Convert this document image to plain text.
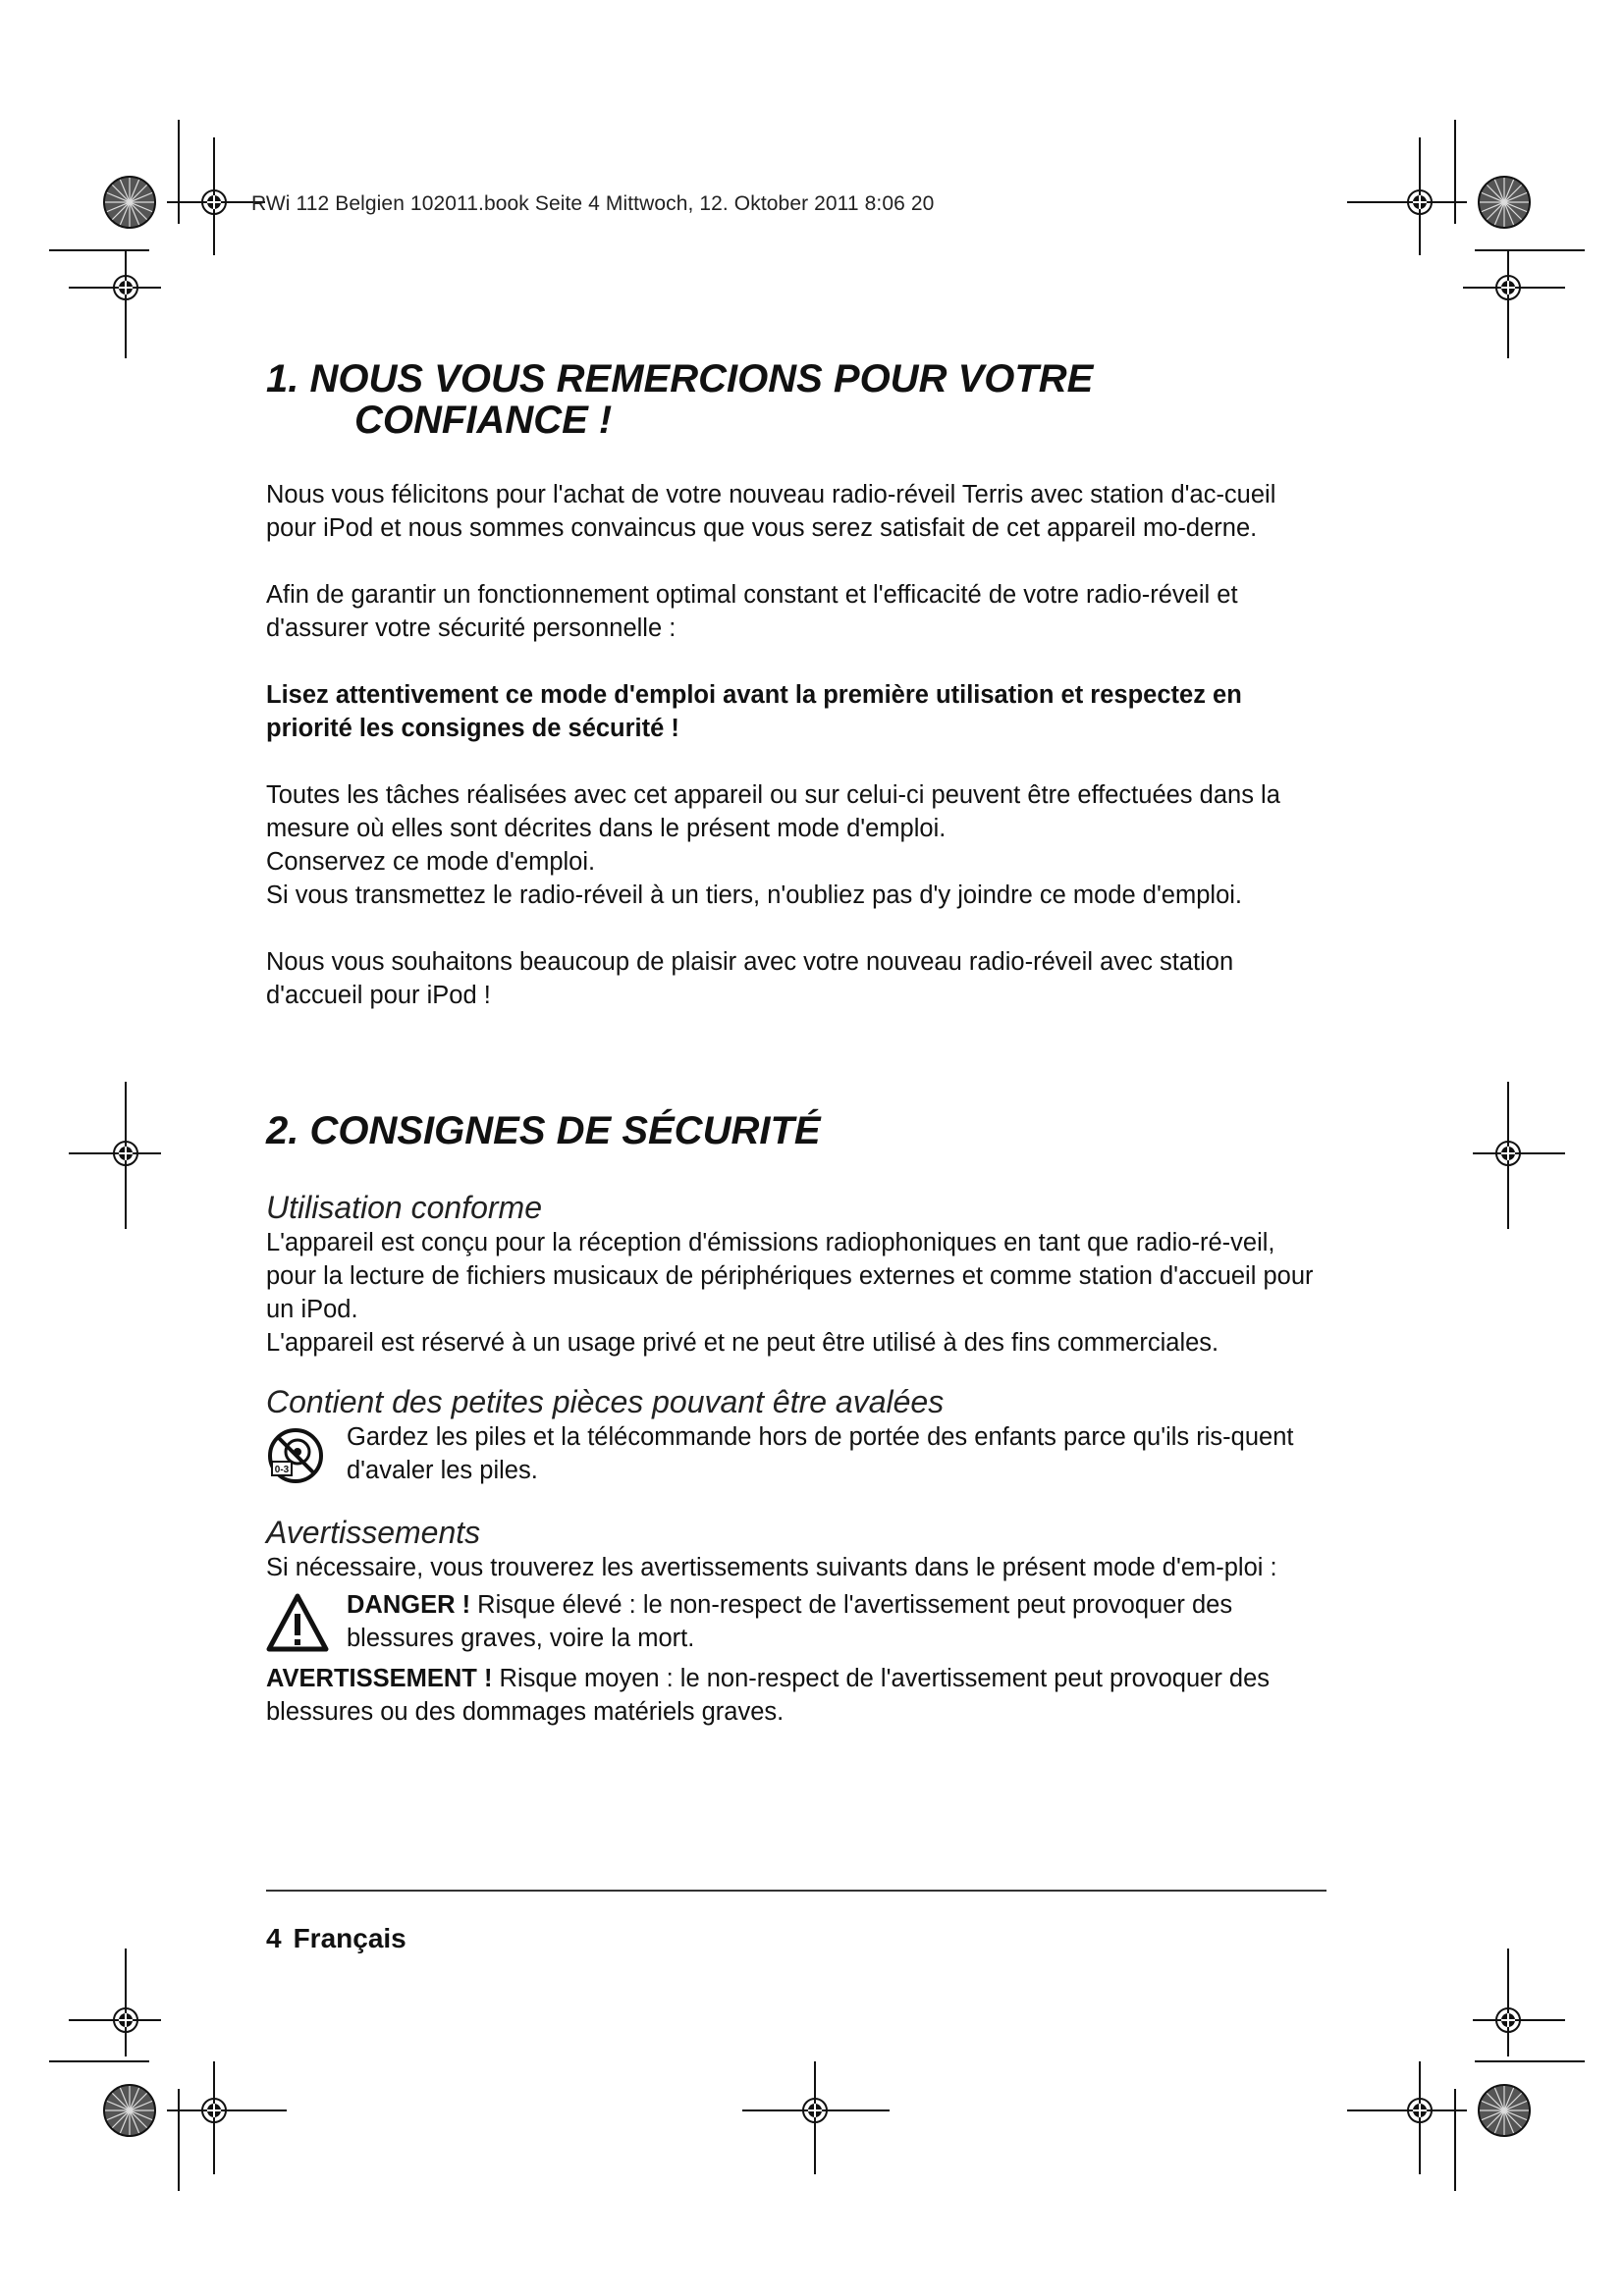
RWi 112 Belgien 102011.book Seite 4 Mittwoch, 12. Oktober 2011 8:06 20
1. NOUS VOUS REMERCIONS POUR VOTRE
CONFIANCE !

Nous vous félicitons pour l'achat de votre nouveau radio-réveil Terris avec station d'ac-cueil pour iPod et nous sommes convaincus que vous serez satisfait de cet appareil mo-derne.

Afin de garantir un fonctionnement optimal constant et l'efficacité de votre radio-réveil et d'assurer votre sécurité personnelle :

Lisez attentivement ce mode d'emploi avant la première utilisation et respectez en priorité les consignes de sécurité !

Toutes les tâches réalisées avec cet appareil ou sur celui-ci peuvent être effectuées dans la mesure où elles sont décrites dans le présent mode d'emploi.

Conservez ce mode d'emploi.

Si vous transmettez le radio-réveil à un tiers, n'oubliez pas d'y joindre ce mode d'emploi.

Nous vous souhaitons beaucoup de plaisir avec votre nouveau radio-réveil avec station d'accueil pour iPod !

2. CONSIGNES DE SÉCURITÉ
Utilisation conforme

L'appareil est conçu pour la réception d'émissions radiophoniques en tant que radio-ré-veil, pour la lecture de fichiers musicaux de périphériques externes et comme station d'accueil pour un iPod.

L'appareil est réservé à un usage privé et ne peut être utilisé à des fins commerciales.

Contient des petites pièces pouvant être avalées
0-3

Gardez les piles et la télécommande hors de portée des enfants parce qu'ils ris-quent d'avaler les piles.

Avertissements

Si nécessaire, vous trouverez les avertissements suivants dans le présent mode d'em-ploi :

DANGER ! Risque élevé : le non-respect de l'avertissement peut provoquer des blessures graves, voire la mort.

AVERTISSEMENT ! Risque moyen : le non-respect de l'avertissement peut provoquer des blessures ou des dommages matériels graves.

4 Français
